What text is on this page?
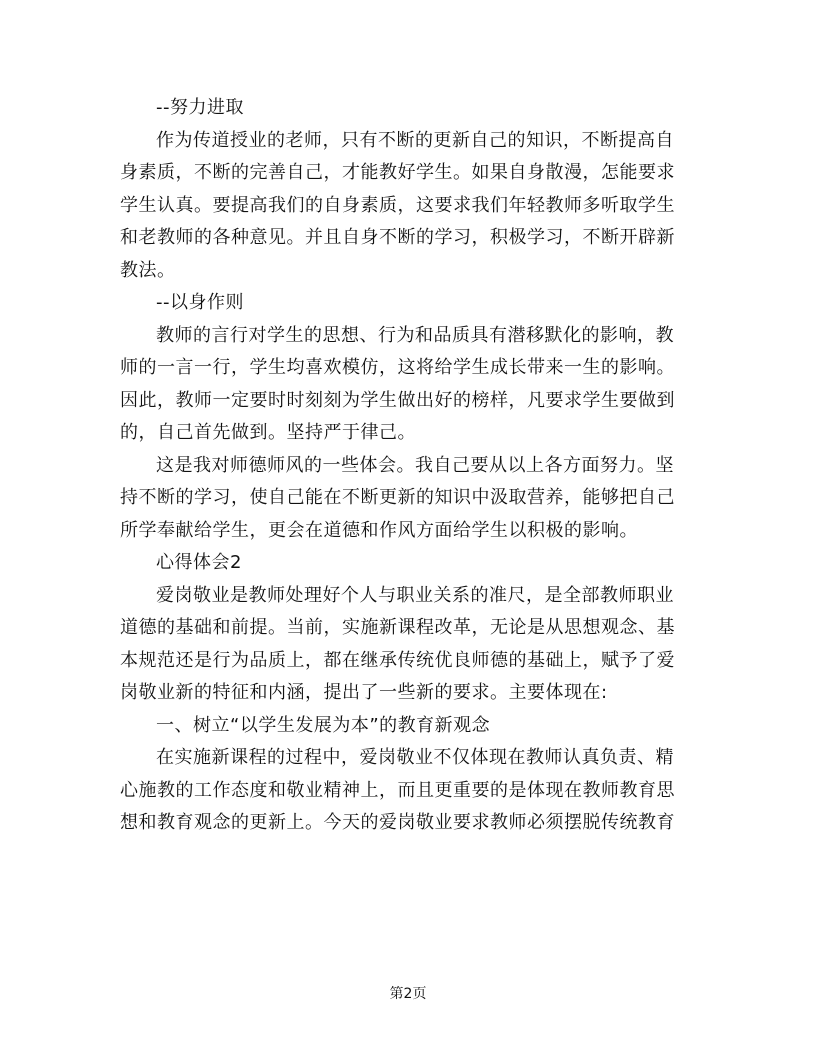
--努力进取

作为传道授业的老师，只有不断的更新自己的知识，不断提高自
身素质，不断的完善自己，才能教好学生。如果自身散漫，怎能要求
学生认真。要提高我们的自身素质，这要求我们年轻教师多听取学生
和老教师的各种意见。并且自身不断的学习，积极学习，不断开辟新
教法。

--以身作则

教师的言行对学生的思想、行为和品质具有潜移默化的影响，教
师的一言一行，学生均喜欢模仿，这将给学生成长带来一生的影响。
因此，教师一定要时时刻刻为学生做出好的榜样，凡要求学生要做到
的，自己首先做到。坚持严于律己。

这是我对师德师风的一些体会。我自己要从以上各方面努力。坚
持不断的学习，使自己能在不断更新的知识中汲取营养，能够把自己
所学奉献给学生，更会在道德和作风方面给学生以积极的影响。

心得体会2

爱岗敬业是教师处理好个人与职业关系的准尺，是全部教师职业
道德的基础和前提。当前，实施新课程改革，无论是从思想观念、基
本规范还是行为品质上，都在继承传统优良师德的基础上，赋予了爱
岗敬业新的特征和内涵，提出了一些新的要求。主要体现在:

一、树立“以学生发展为本”的教育新观念

在实施新课程的过程中，爱岗敬业不仅体现在教师认真负责、精
心施教的工作态度和敬业精神上，而且更重要的是体现在教师教育思
想和教育观念的更新上。今天的爱岗敬业要求教师必须摆脱传统教育

第2页
